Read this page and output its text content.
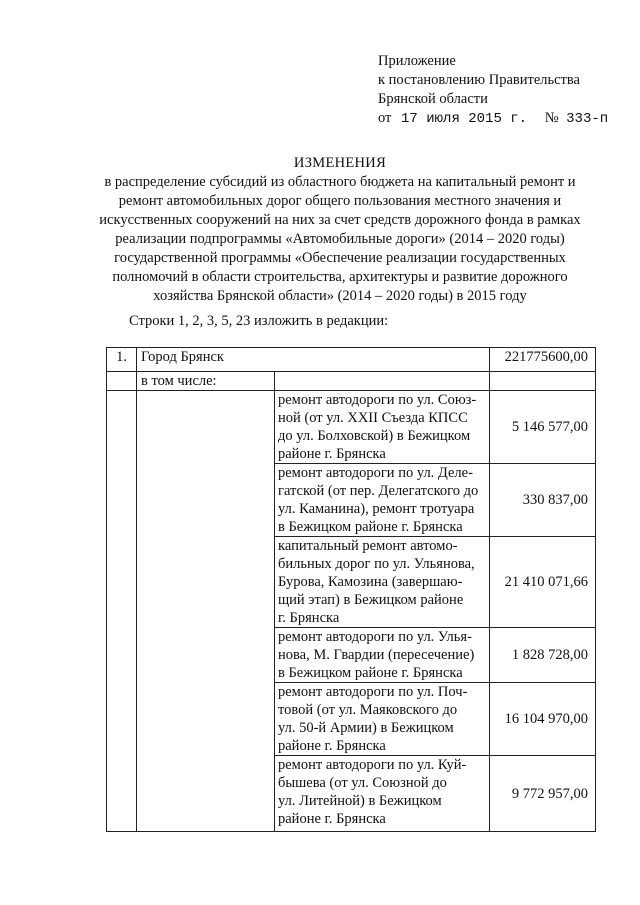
Приложение
к постановлению Правительства
Брянской области
от 17 июля 2015 г. № 333-п
ИЗМЕНЕНИЯ
в распределение субсидий из областного бюджета на капитальный ремонт и
ремонт автомобильных дорог общего пользования местного значения и
искусственных сооружений на них за счет средств дорожного фонда в рамках
реализации подпрограммы «Автомобильные дороги» (2014 – 2020 годы)
государственной программы «Обеспечение реализации государственных
полномочий в области строительства, архитектуры и развитие дорожного
хозяйства Брянской области» (2014 – 2020 годы) в 2015 году
Строки 1, 2, 3, 5, 23 изложить в редакции:
1.	Город Брянск		221775600,00
	в том числе:		

		ремонт автодороги по ул. Союз-
ной (от ул. XXII Съезда КПСС
до ул. Болховской) в Бежицком
районе г. Брянска	5 146 577,00

		ремонт автодороги по ул. Деле-
гатской (от пер. Делегатского до
ул. Каманина), ремонт тротуара
в Бежицком районе г. Брянска	330 837,00

		капитальный ремонт автомо-
бильных дорог по ул. Ульянова,
Бурова, Камозина (завершаю-
щий этап) в Бежицком районе
г. Брянска	21 410 071,66

		ремонт автодороги по ул. Улья-
нова, М. Гвардии (пересечение)
в Бежицком районе г. Брянска	1 828 728,00

		ремонт автодороги по ул. Поч-
товой (от ул. Маяковского до
ул. 50-й Армии) в Бежицком
районе г. Брянска	16 104 970,00

		ремонт автодороги по ул. Куй-
бышева (от ул. Союзной до
ул. Литейной) в Бежицком
районе г. Брянска	9 772 957,00
